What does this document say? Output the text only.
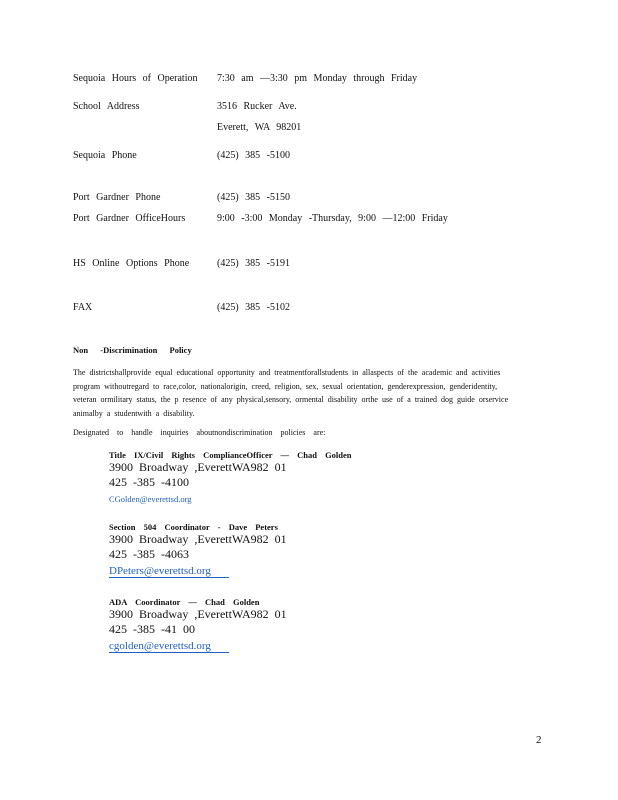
Sequoia Hours of Operation 7:30 am —3:30 pm Monday through Friday
School Address	3516 Rucker Ave.
Everett, WA 98201
Sequoia Phone	(425) 385 -5100
Port Gardner Phone	(425) 385 -5150
Port Gardner OfficeHours	9:00 -3:00 Monday -Thursday, 9:00 —12:00 Friday
HS Online Options Phone	(425) 385 -5191
FAX	(425) 385 -5102
Non -Discrimination Policy
The districtshallprovide equal educational opportunity and treatmentforallstudents in allaspects of the academic and activities program withoutregard to race,color, nationalorigin, creed, religion, sex, sexual orientation, genderexpression, genderidentity, veteran ormilitary status, the p resence of any physical,sensory, ormental disability orthe use of a trained dog guide orservice animalby a studentwith a disability.
Designated to handle inquiries aboutnondiscrimination policies are:
Title IX/Civil Rights ComplianceOfficer — Chad Golden
3900 Broadway ,EverettWA982 01
425 -385 -4100
CGolden@everettsd.org
Section 504 Coordinator - Dave Peters
3900 Broadway ,EverettWA982 01
425 -385 -4063
DPeters@everettsd.org
ADA Coordinator — Chad Golden
3900 Broadway ,EverettWA982 01
425 -385 -41 00
cgolden@everettsd.org
2
